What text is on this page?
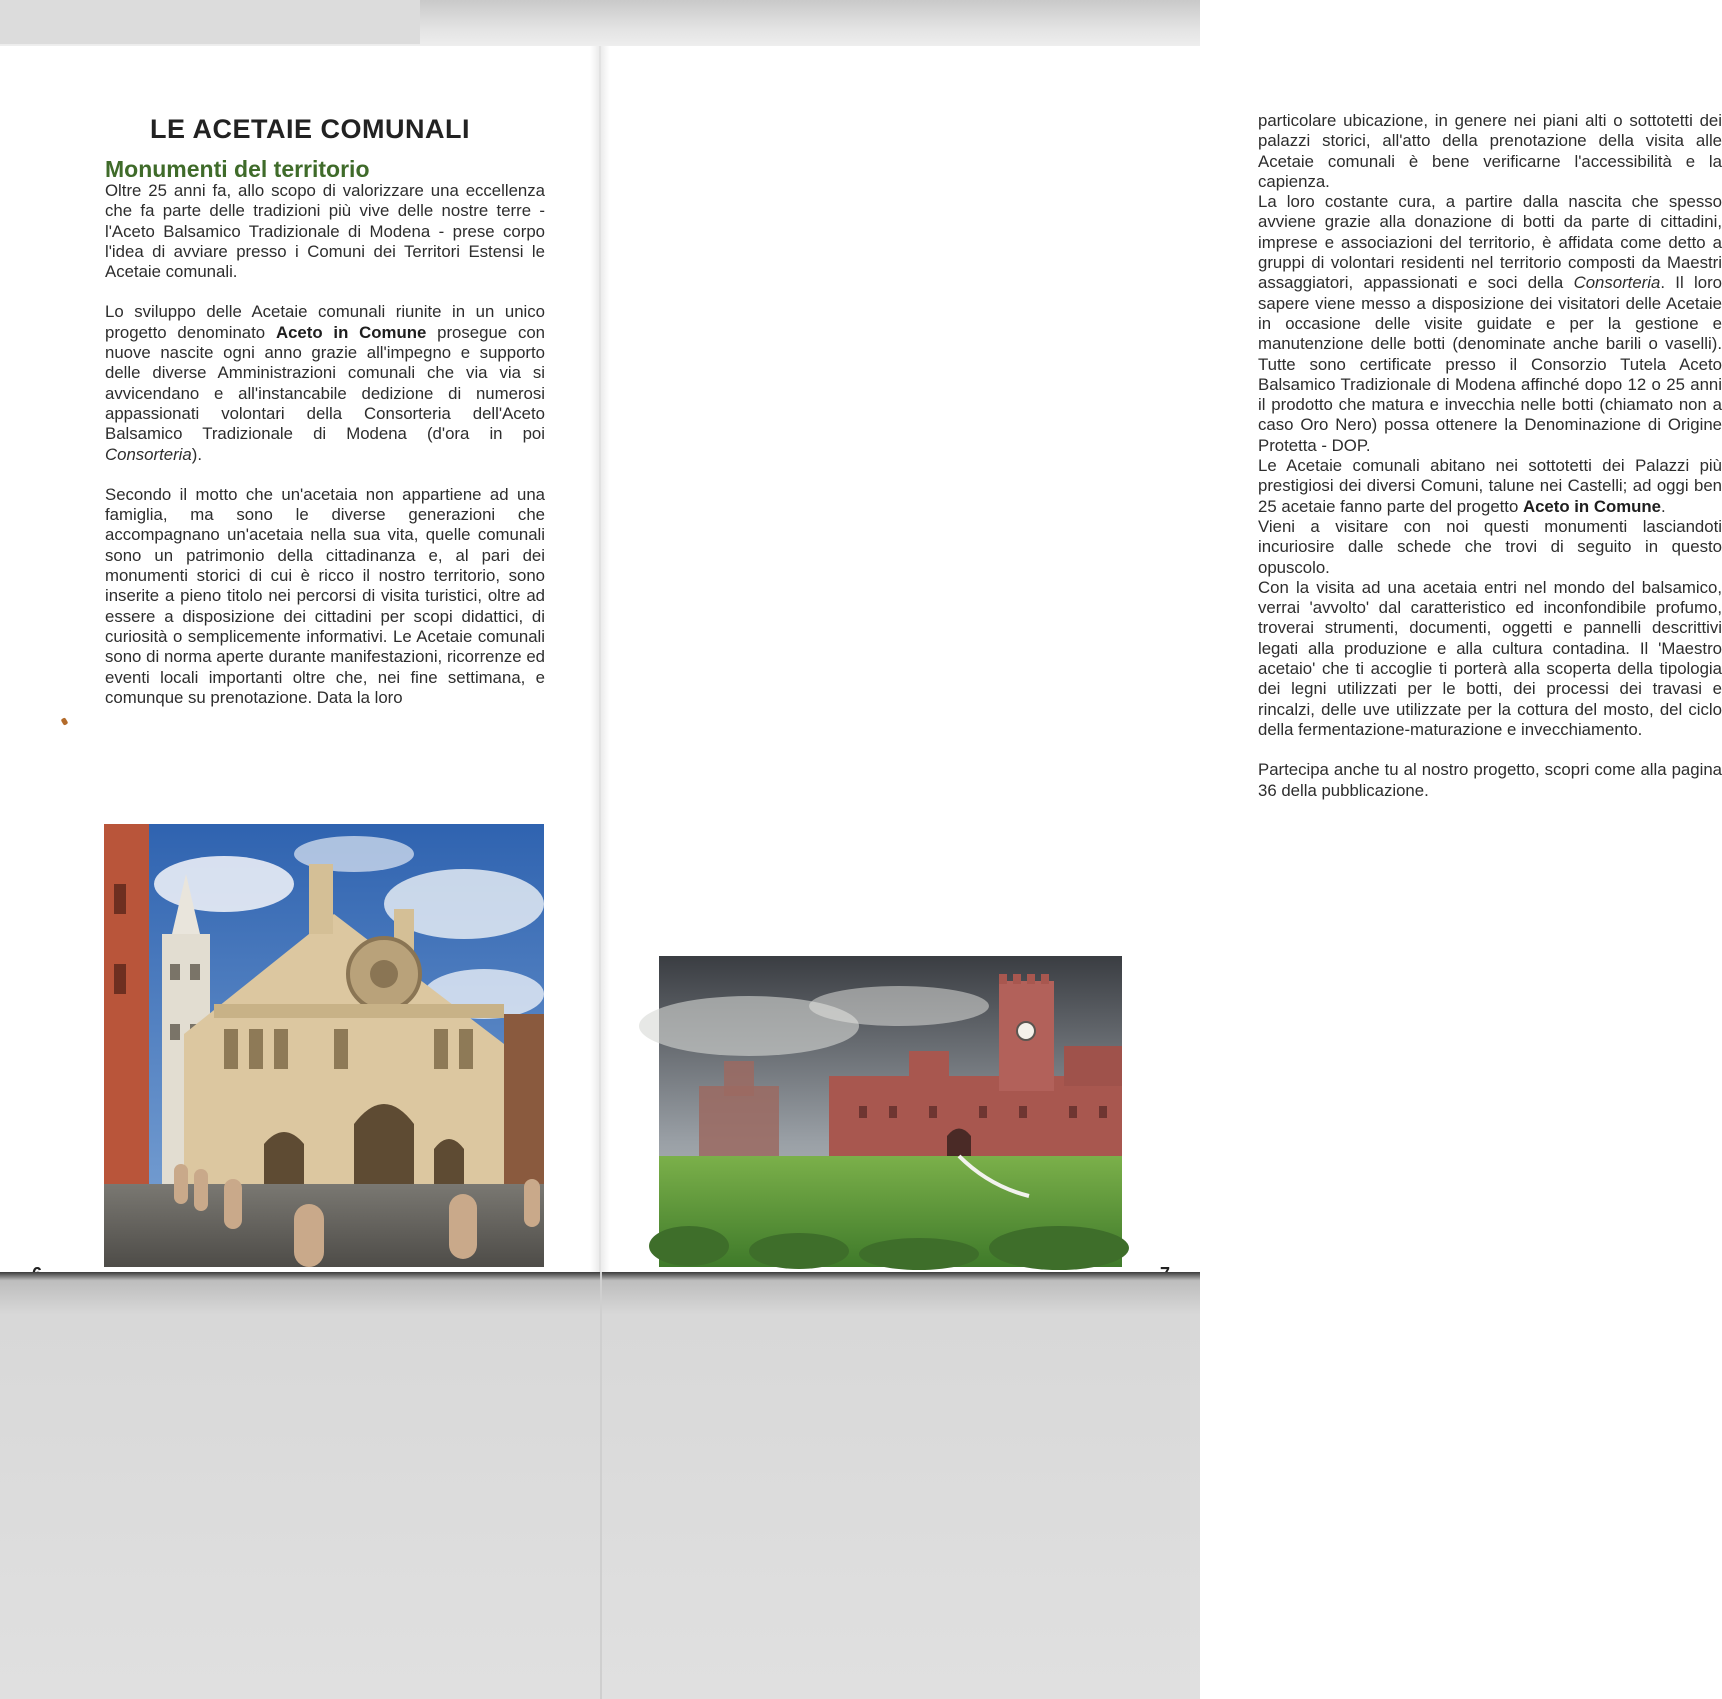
LE ACETAIE COMUNALI
Monumenti del territorio

Oltre 25 anni fa, allo scopo di valorizzare una eccellenza che fa parte delle tradizioni più vive delle nostre terre - l'Aceto Balsamico Tradizionale di Modena - prese corpo l'idea di avviare presso i Comuni dei Territori Estensi le Acetaie comunali.

Lo sviluppo delle Acetaie comunali riunite in un unico progetto denominato Aceto in Comune prosegue con nuove nascite ogni anno grazie all'impegno e supporto delle diverse Amministrazioni comunali che via via si avvicendano e all'instancabile dedizione di numerosi appassionati volontari della Consorteria dell'Aceto Balsamico Tradizionale di Modena (d'ora in poi Consorteria).

Secondo il motto che un'acetaia non appartiene ad una famiglia, ma sono le diverse generazioni che accompagnano un'acetaia nella sua vita, quelle comunali sono un patrimonio della cittadinanza e, al pari dei monumenti storici di cui è ricco il nostro territorio, sono inserite a pieno titolo nei percorsi di visita turistici, oltre ad essere a disposizione dei cittadini per scopi didattici, di curiosità o semplicemente informativi. Le Acetaie comunali sono di norma aperte durante manifestazioni, ricorrenze ed eventi locali importanti oltre che, nei fine settimana, e comunque su prenotazione. Data la loro

particolare ubicazione, in genere nei piani alti o sottotetti dei palazzi storici, all'atto della prenotazione della visita alle Acetaie comunali è bene verificarne l'accessibilità e la capienza.

La loro costante cura, a partire dalla nascita che spesso avviene grazie alla donazione di botti da parte di cittadini, imprese e associazioni del territorio, è affidata come detto a gruppi di volontari residenti nel territorio composti da Maestri assaggiatori, appassionati e soci della Consorteria. Il loro sapere viene messo a disposizione dei visitatori delle Acetaie in occasione delle visite guidate e per la gestione e manutenzione delle botti (denominate anche barili o vaselli). Tutte sono certificate presso il Consorzio Tutela Aceto Balsamico Tradizionale di Modena affinché dopo 12 o 25 anni il prodotto che matura e invecchia nelle botti (chiamato non a caso Oro Nero) possa ottenere la Denominazione di Origine Protetta - DOP.

Le Acetaie comunali abitano nei sottotetti dei Palazzi più prestigiosi dei diversi Comuni, talune nei Castelli; ad oggi ben 25 acetaie fanno parte del progetto Aceto in Comune.

Vieni a visitare con noi questi monumenti lasciandoti incuriosire dalle schede che trovi di seguito in questo opuscolo.

Con la visita ad una acetaia entri nel mondo del balsamico, verrai 'avvolto' dal caratteristico ed inconfondibile profumo, troverai strumenti, documenti, oggetti e pannelli descrittivi legati alla produzione e alla cultura contadina. Il 'Maestro acetaio' che ti accoglie ti porterà alla scoperta della tipologia dei legni utilizzati per le botti, dei processi dei travasi e rincalzi, delle uve utilizzate per la cottura del mosto, del ciclo della fermentazione-maturazione e invecchiamento.

Partecipa anche tu al nostro progetto, scopri come alla pagina 36 della pubblicazione.
